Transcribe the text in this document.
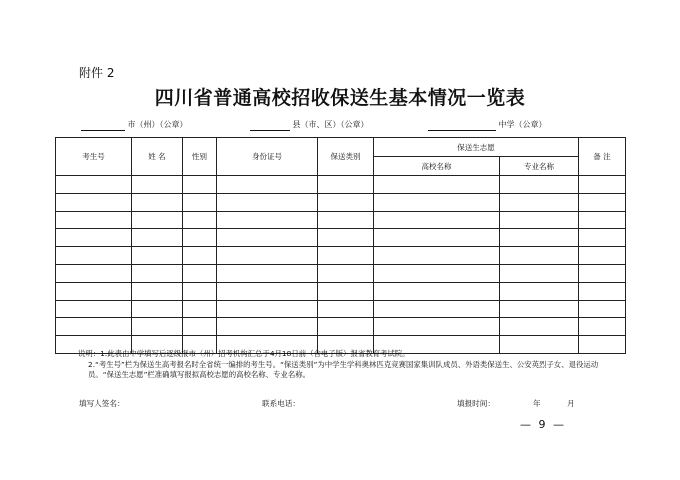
附件 2
四川省普通高校招收保送生基本情况一览表
市（州）（公章）	县（市、区）（公章）	中学（公章）
考生号	姓 名	性别	身份证号	保送类别	保送生志愿		备 注
					高校名称	专业名称	

说明：1.此表由中学填写后逐级报市（州）招考机构汇总于4月18日前（含电子版）报省教育考试院。

2.“考生号”栏为保送生高考报名时全省统一编排的考生号。“保送类别”为中学生学科奥林匹克竞赛国家集训队成员、外语类保送生、公安英烈子女、退役运动员。“保送生志愿”栏准确填写报拟高校志愿的高校名称、专业名称。

填写人签名：	联系电话：	填报时间：	年	月
— 9 —
